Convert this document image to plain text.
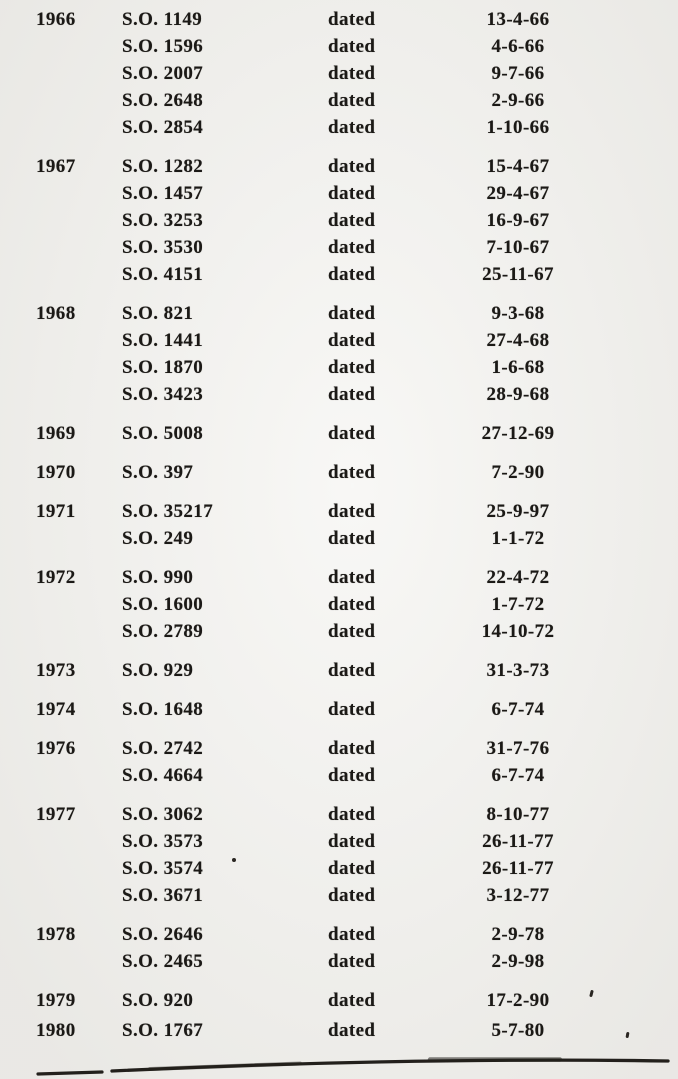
1966	S.O. 1149	dated	13-4-66
S.O. 1596	dated	4-6-66
S.O. 2007	dated	9-7-66
S.O. 2648	dated	2-9-66
S.O. 2854	dated	1-10-66
1967	S.O. 1282	dated	15-4-67
S.O. 1457	dated	29-4-67
S.O. 3253	dated	16-9-67
S.O. 3530	dated	7-10-67
S.O. 4151	dated	25-11-67
1968	S.O. 821	dated	9-3-68
S.O. 1441	dated	27-4-68
S.O. 1870	dated	1-6-68
S.O. 3423	dated	28-9-68
1969	S.O. 5008	dated	27-12-69
1970	S.O. 397	dated	7-2-90
1971	S.O. 35217	dated	25-9-97
S.O. 249	dated	1-1-72
1972	S.O. 990	dated	22-4-72
S.O. 1600	dated	1-7-72
S.O. 2789	dated	14-10-72
1973	S.O. 929	dated	31-3-73
1974	S.O. 1648	dated	6-7-74
1976	S.O. 2742	dated	31-7-76
S.O. 4664	dated	6-7-74
1977	S.O. 3062	dated	8-10-77
S.O. 3573	dated	26-11-77
S.O. 3574	dated	26-11-77
S.O. 3671	dated	3-12-77
1978	S.O. 2646	dated	2-9-78
S.O. 2465	dated	2-9-98
1979	S.O. 920	dated	17-2-90
1980	S.O. 1767	dated	5-7-80
